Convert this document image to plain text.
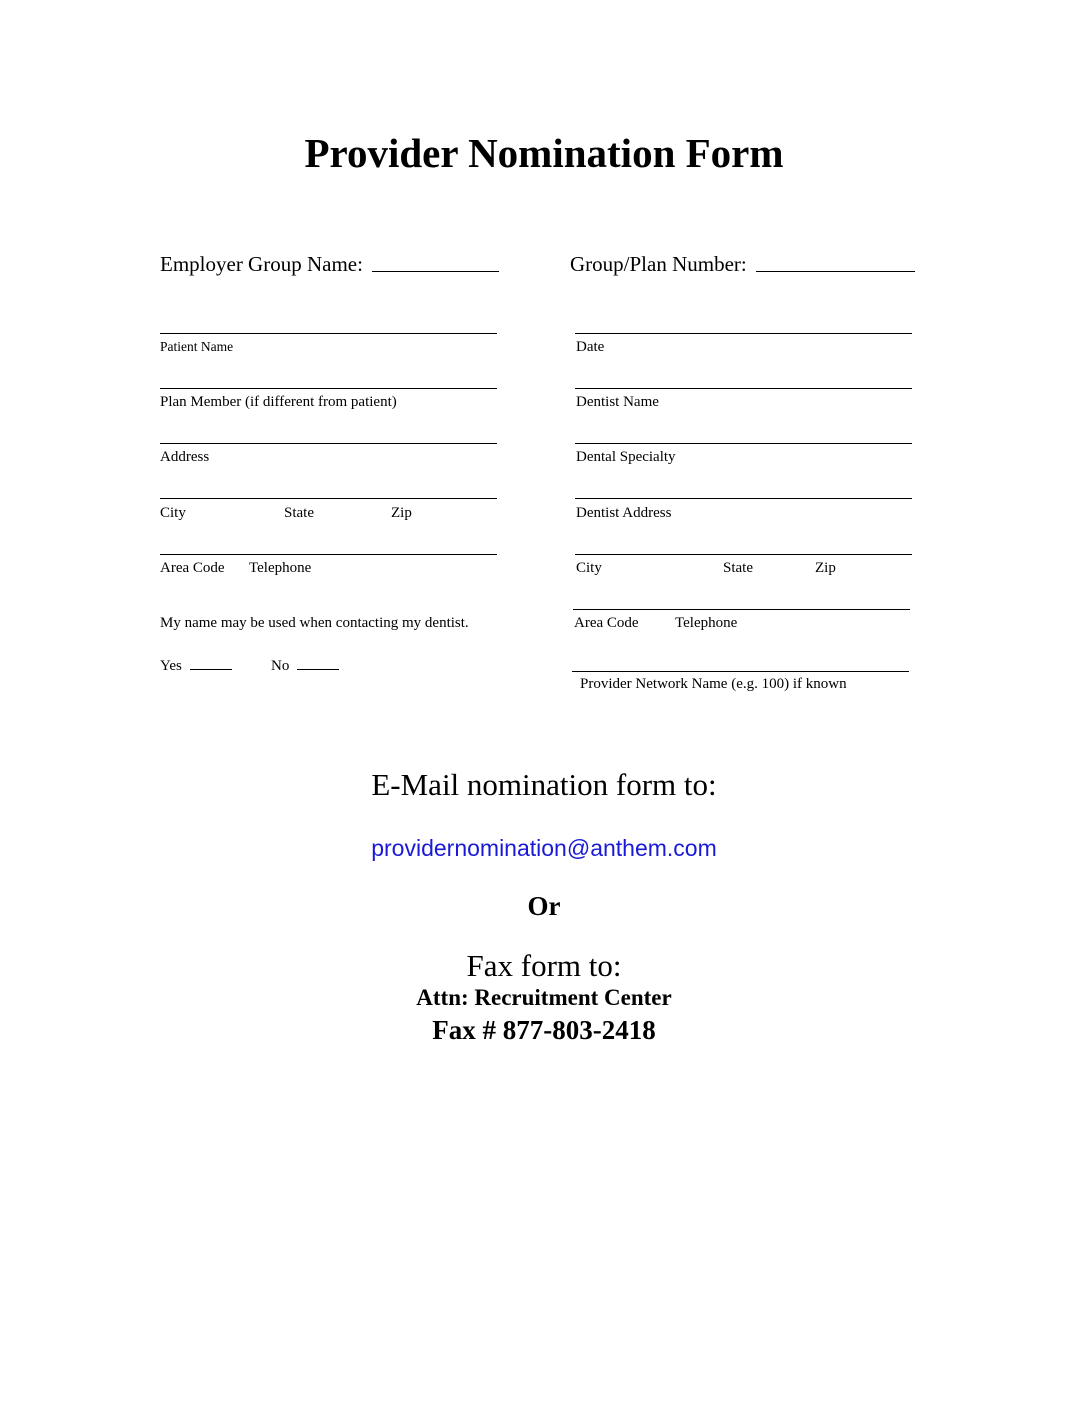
Provider Nomination Form
Employer Group Name:	Group/Plan Number:
Patient Name
Plan Member (if different from patient)
Address
City	State	Zip
Area Code Telephone
My name may be used when contacting my dentist.
Yes	No
Date
Dentist Name
Dental Specialty
Dentist Address
City	State	Zip
Area Code Telephone
Provider Network Name (e.g. 100) if known
E-Mail nomination form to:
providernomination@anthem.com
Or
Fax form to:
Attn: Recruitment Center
Fax # 877-803-2418
